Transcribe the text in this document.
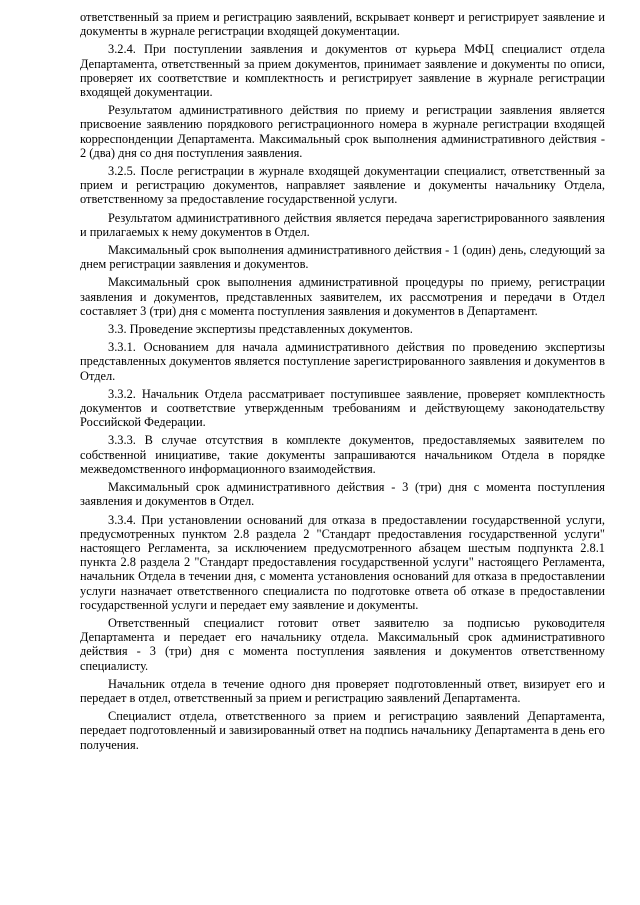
ответственный за прием и регистрацию заявлений, вскрывает конверт и регистрирует заявление и документы в журнале регистрации входящей документации.

3.2.4. При поступлении заявления и документов от курьера МФЦ специалист отдела Департамента, ответственный за прием документов, принимает заявление и документы по описи, проверяет их соответствие и комплектность и регистрирует заявление в журнале регистрации входящей документации.

Результатом административного действия по приему и регистрации заявления является присвоение заявлению порядкового регистрационного номера в журнале регистрации входящей корреспонденции Департамента. Максимальный срок выполнения административного действия - 2 (два) дня со дня поступления заявления.

3.2.5. После регистрации в журнале входящей документации специалист, ответственный за прием и регистрацию документов, направляет заявление и документы начальнику Отдела, ответственному за предоставление государственной услуги.

Результатом административного действия является передача зарегистрированного заявления и прилагаемых к нему документов в Отдел.

Максимальный срок выполнения административного действия - 1 (один) день, следующий за днем регистрации заявления и документов.

Максимальный срок выполнения административной процедуры по приему, регистрации заявления и документов, представленных заявителем, их рассмотрения и передачи в Отдел составляет 3 (три) дня с момента поступления заявления и документов в Департамент.

3.3. Проведение экспертизы представленных документов.

3.3.1. Основанием для начала административного действия по проведению экспертизы представленных документов является поступление зарегистрированного заявления и документов в Отдел.

3.3.2. Начальник Отдела рассматривает поступившее заявление, проверяет комплектность документов и соответствие утвержденным требованиям и действующему законодательству Российской Федерации.

3.3.3. В случае отсутствия в комплекте документов, предоставляемых заявителем по собственной инициативе, такие документы запрашиваются начальником Отдела в порядке межведомственного информационного взаимодействия.

Максимальный срок административного действия - 3 (три) дня с момента поступления заявления и документов в Отдел.

3.3.4. При установлении оснований для отказа в предоставлении государственной услуги, предусмотренных пунктом 2.8 раздела 2 "Стандарт предоставления государственной услуги" настоящего Регламента, за исключением предусмотренного абзацем шестым подпункта 2.8.1 пункта 2.8 раздела 2 "Стандарт предоставления государственной услуги" настоящего Регламента, начальник Отдела в течении дня, с момента установления оснований для отказа в предоставлении услуги назначает ответственного специалиста по подготовке ответа об отказе в предоставлении государственной услуги и передает ему заявление и документы.

Ответственный специалист готовит ответ заявителю за подписью руководителя Департамента и передает его начальнику отдела. Максимальный срок административного действия - 3 (три) дня с момента поступления заявления и документов ответственному специалисту.

Начальник отдела в течение одного дня проверяет подготовленный ответ, визирует его и передает в отдел, ответственный за прием и регистрацию заявлений Департамента.

Специалист отдела, ответственного за прием и регистрацию заявлений Департамента, передает подготовленный и завизированный ответ на подпись начальнику Департамента в день его получения.
